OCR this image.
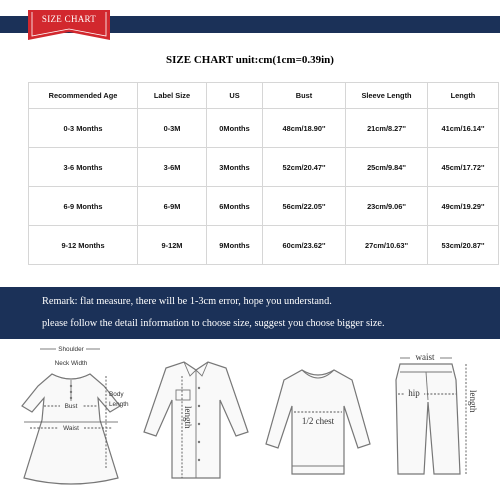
SIZE CHART
SIZE CHART unit:cm(1cm=0.39in)
Recommended Age	Label Size	US	Bust	Sleeve Length	Length
0-3 Months	0-3M	0Months	48cm/18.90''	21cm/8.27''	41cm/16.14''
3-6 Months	3-6M	3Months	52cm/20.47''	25cm/9.84''	45cm/17.72''
6-9 Months	6-9M	6Months	56cm/22.05''	23cm/9.06''	49cm/19.29''
9-12 Months	9-12M	9Months	60cm/23.62''	27cm/10.63''	53cm/20.87''
Remark: flat measure, there will be 1-3cm error, hope you understand.
please follow the detail information to choose size, suggest you choose bigger size.
Shoulder
Neck Width
Bust
Waist
Body
Length
length	1/2 chest
waist
hip	length
